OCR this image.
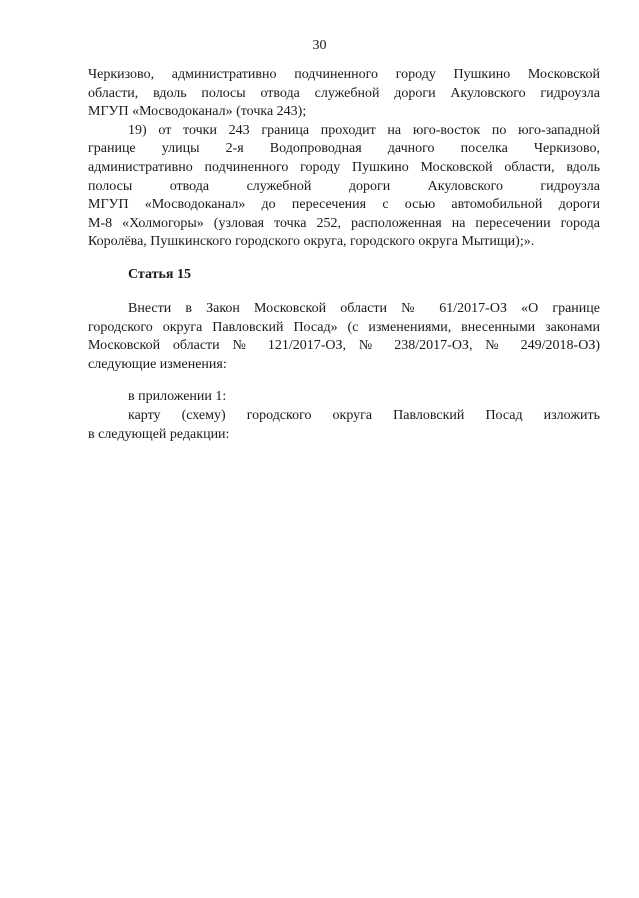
30
Черкизово, административно подчиненного городу Пушкино Московской
области, вдоль полосы отвода служебной дороги Акуловского гидроузла
МГУП «Мосводоканал» (точка 243);
19) от точки 243 граница проходит на юго-восток по юго-западной
границе улицы 2-я Водопроводная дачного поселка Черкизово,
административно подчиненного городу Пушкино Московской области, вдоль
полосы отвода служебной дороги Акуловского гидроузла
МГУП «Мосводоканал» до пересечения с осью автомобильной дороги
М-8 «Холмогоры» (узловая точка 252, расположенная на пересечении города
Королёва, Пушкинского городского округа, городского округа Мытищи);».
Статья 15
Внести в Закон Московской области № 61/2017-ОЗ «О границе
городского округа Павловский Посад» (с изменениями, внесенными законами
Московской области № 121/2017-ОЗ, № 238/2017-ОЗ, № 249/2018-ОЗ)
следующие изменения:
в приложении 1:
карту (схему) городского округа Павловский Посад изложить
в следующей редакции:
